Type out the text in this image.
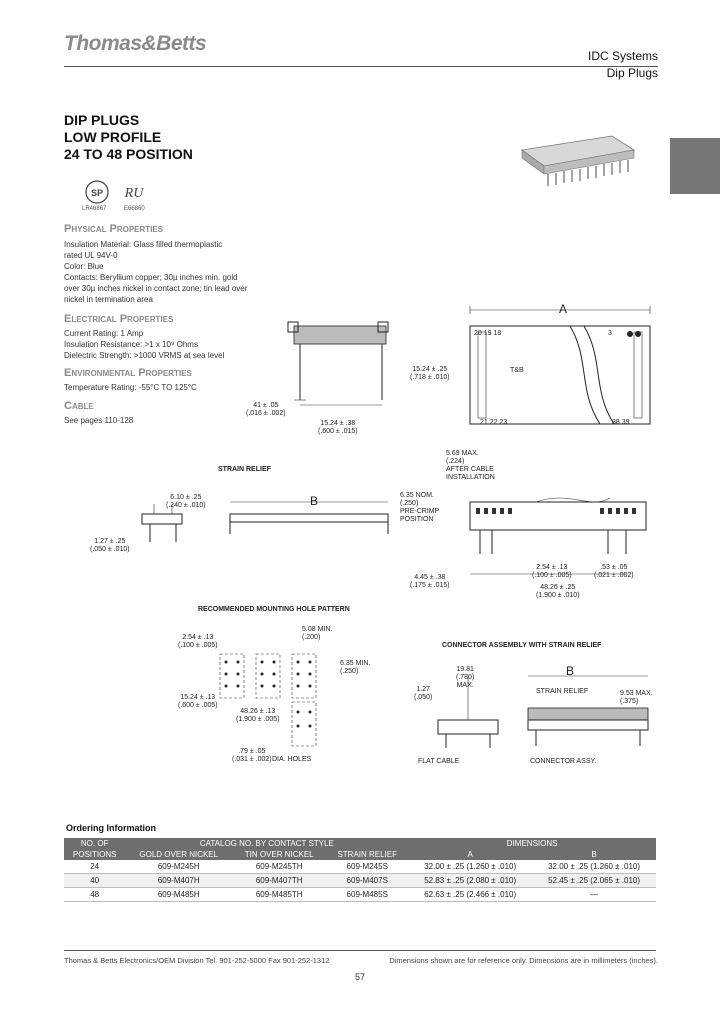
Thomas&Betts
IDC Systems
Dip Plugs
DIP PLUGS
LOW PROFILE
24 TO 48 POSITION
SP RU
LR46867	E66860
Physical Properties
Insulation Material: Glass filled thermoplastic
rated UL 94V-0
Color: Blue
Contacts: Beryllium copper; 30µ inches min. gold
over 30µ inches nickel in contact zone; tin lead over
nickel in termination area
Electrical Properties
Current Rating: 1 Amp
Insulation Resistance: >1 x 10⁹ Ohms
Dielectric Strength: >1000 VRMS at sea level
Environmental Properties
Temperature Rating: -55°C TO 125°C
Cable
See pages 110-128
41 ± .05
(.016 ± .002)
15.24 ± .38
(.600 ± .015)
A
20 19 18
21 22 23	38 39
3
T&B
15.24 ± .25
(.718 ± .010)
STRAIN RELIEF
B
6.10 ± .25
(.240 ± .010)
1.27 ± .25
(.050 ± .010)
5.69 MAX.
(.224)
AFTER CABLE
INSTALLATION
6.35 NOM.
(.250)
PRE-CRIMP
POSITION
2.54 ± .13
(.100 ± .005)
.53 ± .05
(.021 ± .002)
4.45 ± .38
(.175 ± .015)	48.26 ± .25
(1.900 ± .010)
RECOMMENDED MOUNTING HOLE PATTERN
2.54 ± .13
(.100 ± .005)
5.08 MIN.
(.200)
6.35 MIN.
(.250)
15.24 ± .13
(.600 ± .005)
48.26 ± .13
(1.900 ± .005)
.79 ± .05
(.031 ± .002) DIA. HOLES
CONNECTOR ASSEMBLY WITH STRAIN RELIEF
B
1.27
(.050)
19.81
(.780)
MAX.
9.53 MAX.
(.375)
STRAIN RELIEF
FLAT CABLE	CONNECTOR ASSY.
Ordering Information
NO. OF	CATALOG NO. BY CONTACT STYLE			DIMENSIONS	
POSITIONS	GOLD OVER NICKEL	TIN OVER NICKEL	STRAIN RELIEF	A	B
24	609-M245H	609-M245TH	609-M245S	32.00 ± .25 (1.260 ± .010)	32.00 ± .25 (1.260 ± .010)
40	609-M407H	609-M407TH	609-M407S	52.83 ± .25 (2.080 ± .010)	52.45 ± .25 (2.065 ± .010)
48	609-M485H	609-M485TH	609-M485S	62.63 ± .25 (2.466 ± .010)	—
Thomas & Betts Electronics/OEM Division Tel. 901-252-5000 Fax 901-252-1312	Dimensions shown are for reference only. Dimensions are in millimeters (inches).
57
